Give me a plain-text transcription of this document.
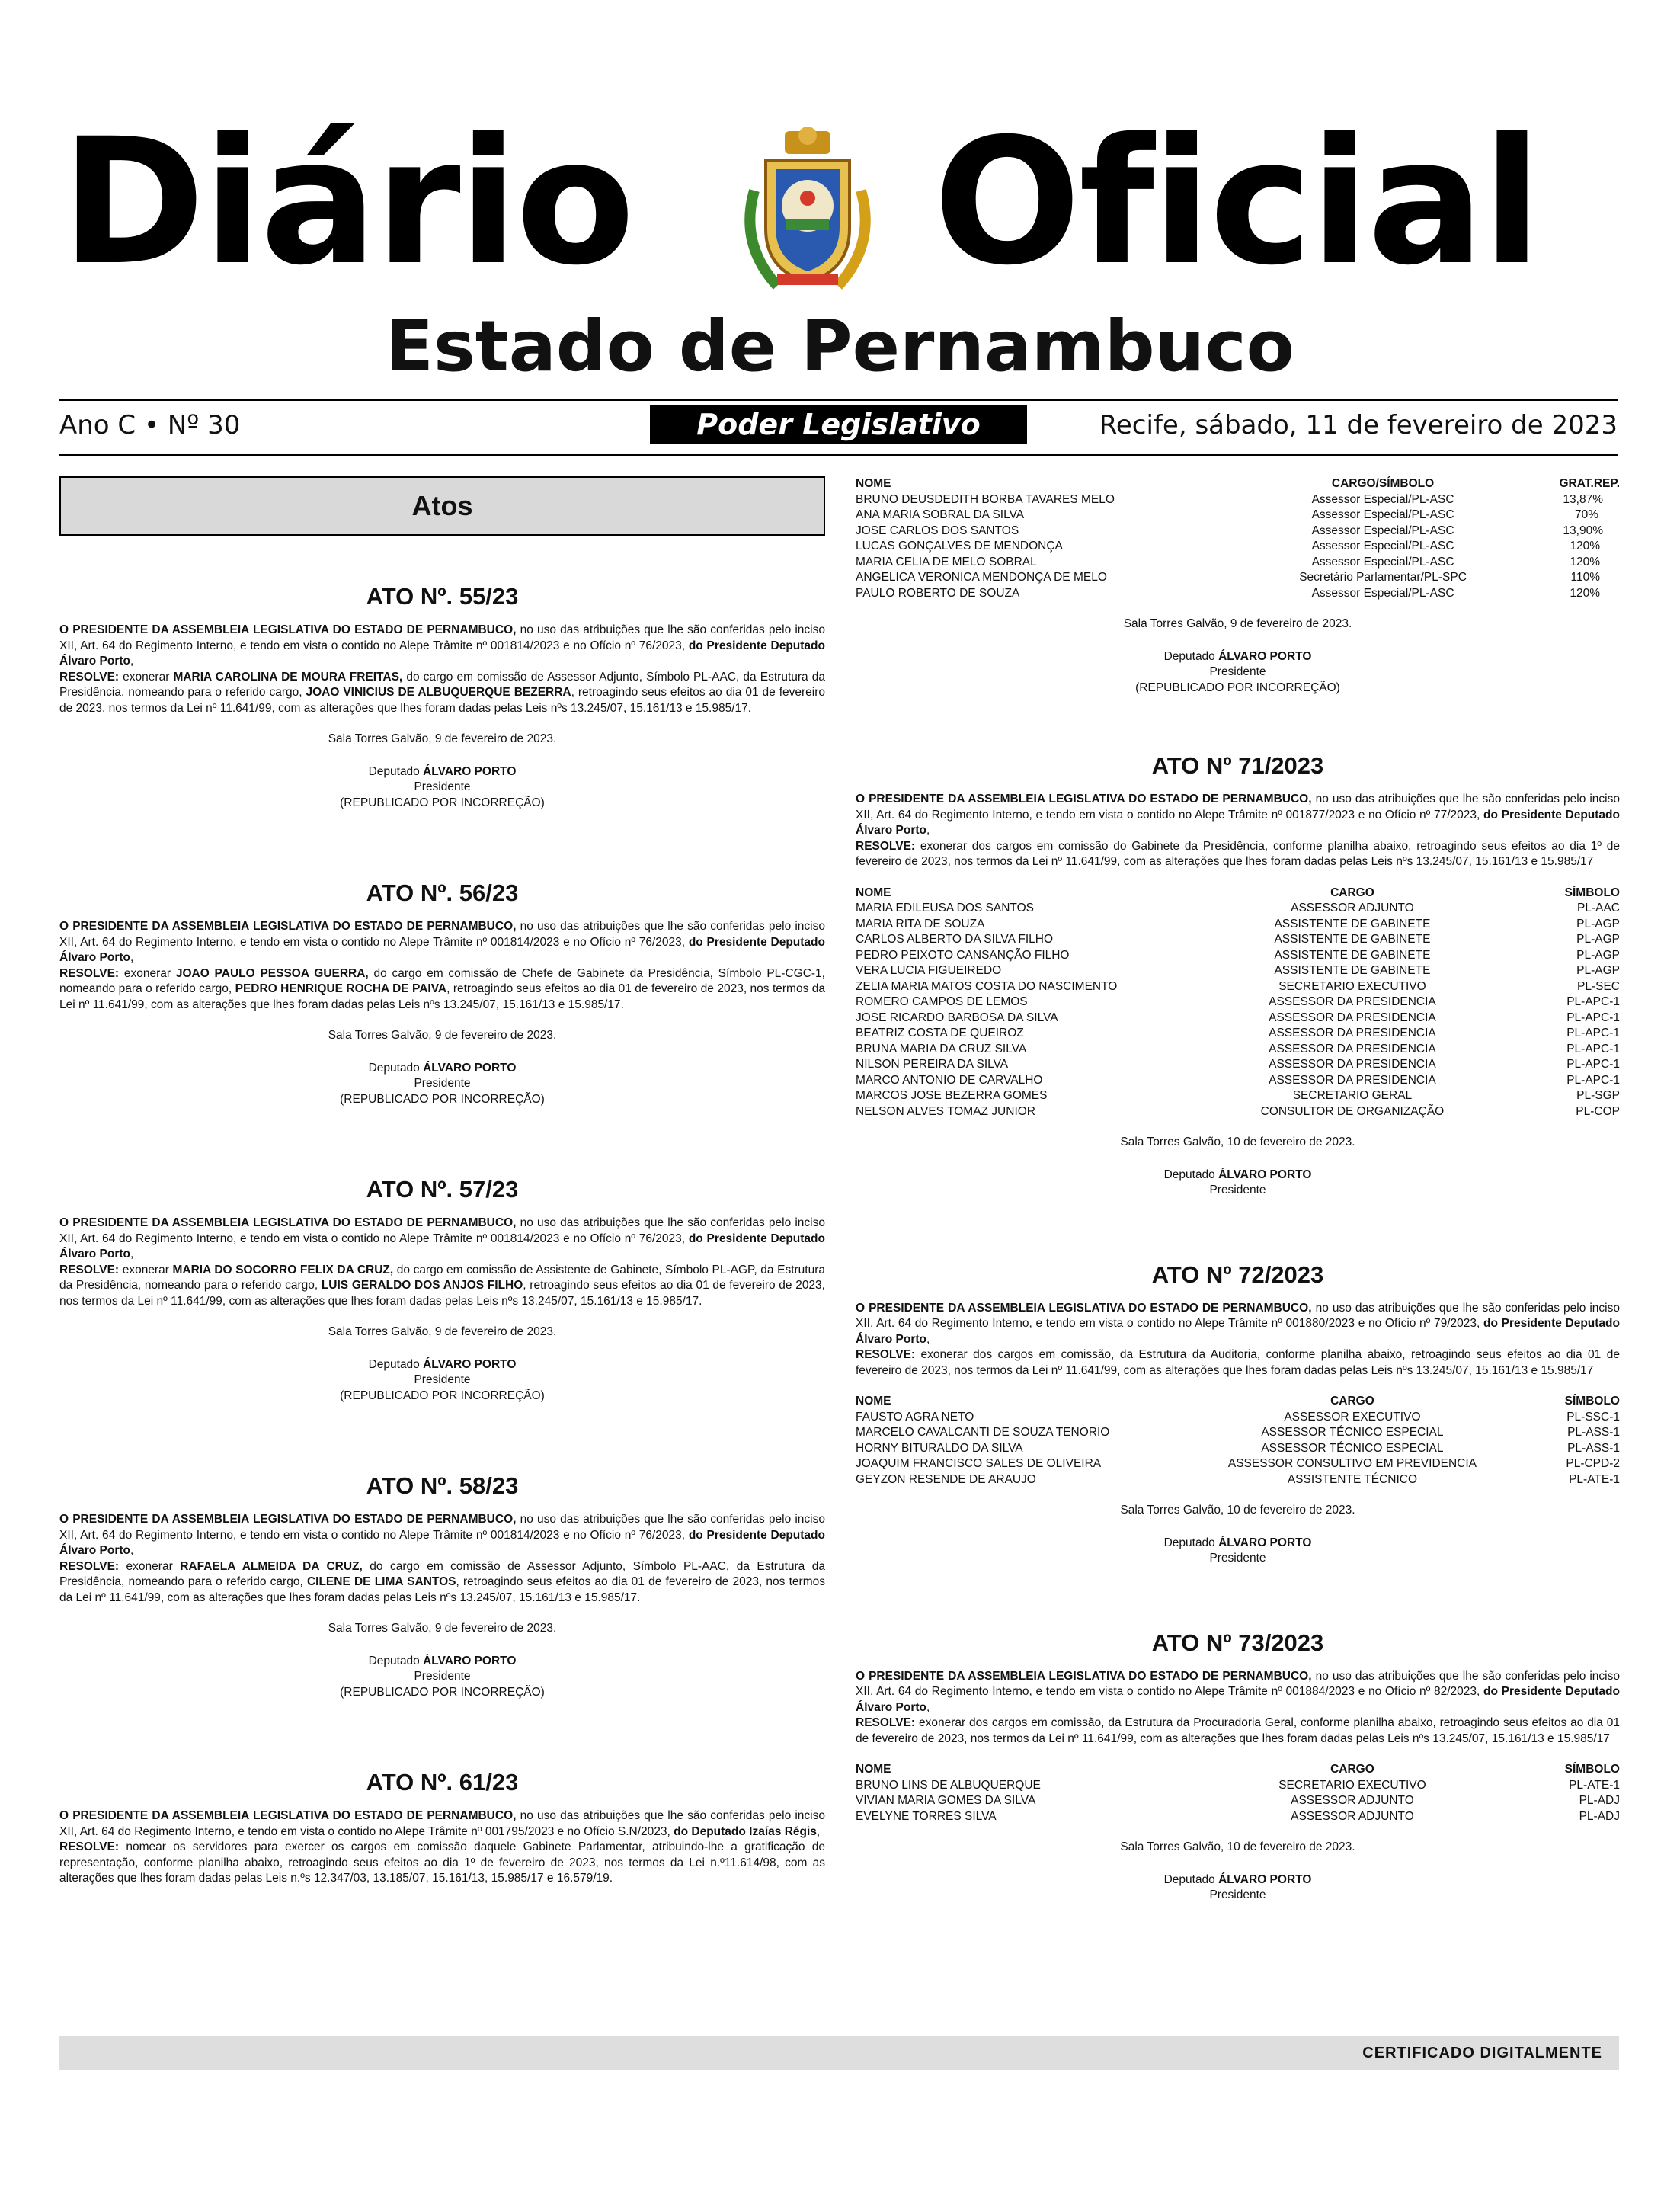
Diário Oficial
Estado de Pernambuco
Ano C • Nº 30	Poder Legislativo	Recife, sábado, 11 de fevereiro de 2023
Atos
ATO Nº. 55/23

O PRESIDENTE DA ASSEMBLEIA LEGISLATIVA DO ESTADO DE PERNAMBUCO, no uso das atribuições que lhe são conferidas pelo inciso XII, Art. 64 do Regimento Interno, e tendo em vista o contido no Alepe Trâmite nº 001814/2023 e no Ofício nº 76/2023, do Presidente Deputado Álvaro Porto,

RESOLVE: exonerar MARIA CAROLINA DE MOURA FREITAS, do cargo em comissão de Assessor Adjunto, Símbolo PL-AAC, da Estrutura da Presidência, nomeando para o referido cargo, JOAO VINICIUS DE ALBUQUERQUE BEZERRA, retroagindo seus efeitos ao dia 01 de fevereiro de 2023, nos termos da Lei nº 11.641/99, com as alterações que lhes foram dadas pelas Leis nºs 13.245/07, 15.161/13 e 15.985/17.

Sala Torres Galvão, 9 de fevereiro de 2023.
Deputado ÁLVARO PORTO
Presidente
(REPUBLICADO POR INCORREÇÃO)
ATO Nº. 56/23

O PRESIDENTE DA ASSEMBLEIA LEGISLATIVA DO ESTADO DE PERNAMBUCO, no uso das atribuições que lhe são conferidas pelo inciso XII, Art. 64 do Regimento Interno, e tendo em vista o contido no Alepe Trâmite nº 001814/2023 e no Ofício nº 76/2023, do Presidente Deputado Álvaro Porto,

RESOLVE: exonerar JOAO PAULO PESSOA GUERRA, do cargo em comissão de Chefe de Gabinete da Presidência, Símbolo PL-CGC-1, nomeando para o referido cargo, PEDRO HENRIQUE ROCHA DE PAIVA, retroagindo seus efeitos ao dia 01 de fevereiro de 2023, nos termos da Lei nº 11.641/99, com as alterações que lhes foram dadas pelas Leis nºs 13.245/07, 15.161/13 e 15.985/17.

Sala Torres Galvão, 9 de fevereiro de 2023.
Deputado ÁLVARO PORTO
Presidente
(REPUBLICADO POR INCORREÇÃO)
ATO Nº. 57/23

O PRESIDENTE DA ASSEMBLEIA LEGISLATIVA DO ESTADO DE PERNAMBUCO, no uso das atribuições que lhe são conferidas pelo inciso XII, Art. 64 do Regimento Interno, e tendo em vista o contido no Alepe Trâmite nº 001814/2023 e no Ofício nº 76/2023, do Presidente Deputado Álvaro Porto,

RESOLVE: exonerar MARIA DO SOCORRO FELIX DA CRUZ, do cargo em comissão de Assistente de Gabinete, Símbolo PL-AGP, da Estrutura da Presidência, nomeando para o referido cargo, LUIS GERALDO DOS ANJOS FILHO, retroagindo seus efeitos ao dia 01 de fevereiro de 2023, nos termos da Lei nº 11.641/99, com as alterações que lhes foram dadas pelas Leis nºs 13.245/07, 15.161/13 e 15.985/17.

Sala Torres Galvão, 9 de fevereiro de 2023.
Deputado ÁLVARO PORTO
Presidente
(REPUBLICADO POR INCORREÇÃO)
ATO Nº. 58/23

O PRESIDENTE DA ASSEMBLEIA LEGISLATIVA DO ESTADO DE PERNAMBUCO, no uso das atribuições que lhe são conferidas pelo inciso XII, Art. 64 do Regimento Interno, e tendo em vista o contido no Alepe Trâmite nº 001814/2023 e no Ofício nº 76/2023, do Presidente Deputado Álvaro Porto,

RESOLVE: exonerar RAFAELA ALMEIDA DA CRUZ, do cargo em comissão de Assessor Adjunto, Símbolo PL-AAC, da Estrutura da Presidência, nomeando para o referido cargo, CILENE DE LIMA SANTOS, retroagindo seus efeitos ao dia 01 de fevereiro de 2023, nos termos da Lei nº 11.641/99, com as alterações que lhes foram dadas pelas Leis nºs 13.245/07, 15.161/13 e 15.985/17.

Sala Torres Galvão, 9 de fevereiro de 2023.
Deputado ÁLVARO PORTO
Presidente
(REPUBLICADO POR INCORREÇÃO)
ATO Nº. 61/23

O PRESIDENTE DA ASSEMBLEIA LEGISLATIVA DO ESTADO DE PERNAMBUCO, no uso das atribuições que lhe são conferidas pelo inciso XII, Art. 64 do Regimento Interno, e tendo em vista o contido no Alepe Trâmite nº 001795/2023 e no Ofício S.N/2023, do Deputado Izaías Régis,

RESOLVE: nomear os servidores para exercer os cargos em comissão daquele Gabinete Parlamentar, atribuindo-lhe a gratificação de representação, conforme planilha abaixo, retroagindo seus efeitos ao dia 1º de fevereiro de 2023, nos termos da Lei n.º11.614/98, com as alterações que lhes foram dadas pelas Leis n.ºs 12.347/03, 13.185/07, 15.161/13, 15.985/17 e 16.579/19.

NOME	CARGO/SÍMBOLO	GRAT.REP.
BRUNO DEUSDEDITH BORBA TAVARES MELO	Assessor Especial/PL-ASC	13,87%
ANA MARIA SOBRAL DA SILVA	Assessor Especial/PL-ASC	70%
JOSE CARLOS DOS SANTOS	Assessor Especial/PL-ASC	13,90%
LUCAS GONÇALVES DE MENDONÇA	Assessor Especial/PL-ASC	120%
MARIA CELIA DE MELO SOBRAL	Assessor Especial/PL-ASC	120%
ANGELICA VERONICA MENDONÇA DE MELO	Secretário Parlamentar/PL-SPC	110%
PAULO ROBERTO DE SOUZA	Assessor Especial/PL-ASC	120%
Sala Torres Galvão, 9 de fevereiro de 2023.
Deputado ÁLVARO PORTO
Presidente
(REPUBLICADO POR INCORREÇÃO)
ATO Nº 71/2023

O PRESIDENTE DA ASSEMBLEIA LEGISLATIVA DO ESTADO DE PERNAMBUCO, no uso das atribuições que lhe são conferidas pelo inciso XII, Art. 64 do Regimento Interno, e tendo em vista o contido no Alepe Trâmite nº 001877/2023 e no Ofício nº 77/2023, do Presidente Deputado Álvaro Porto,

RESOLVE: exonerar dos cargos em comissão do Gabinete da Presidência, conforme planilha abaixo, retroagindo seus efeitos ao dia 1º de fevereiro de 2023, nos termos da Lei nº 11.641/99, com as alterações que lhes foram dadas pelas Leis nºs 13.245/07, 15.161/13 e 15.985/17

NOME	CARGO	SÍMBOLO
MARIA EDILEUSA DOS SANTOS	ASSESSOR ADJUNTO	PL-AAC
MARIA RITA DE SOUZA	ASSISTENTE DE GABINETE	PL-AGP
CARLOS ALBERTO DA SILVA FILHO	ASSISTENTE DE GABINETE	PL-AGP
PEDRO PEIXOTO CANSANÇÃO FILHO	ASSISTENTE DE GABINETE	PL-AGP
VERA LUCIA FIGUEIREDO	ASSISTENTE DE GABINETE	PL-AGP
ZELIA MARIA MATOS COSTA DO NASCIMENTO	SECRETARIO EXECUTIVO	PL-SEC
ROMERO CAMPOS DE LEMOS	ASSESSOR DA PRESIDENCIA	PL-APC-1
JOSE RICARDO BARBOSA DA SILVA	ASSESSOR DA PRESIDENCIA	PL-APC-1
BEATRIZ COSTA DE QUEIROZ	ASSESSOR DA PRESIDENCIA	PL-APC-1
BRUNA MARIA DA CRUZ SILVA	ASSESSOR DA PRESIDENCIA	PL-APC-1
NILSON PEREIRA DA SILVA	ASSESSOR DA PRESIDENCIA	PL-APC-1
MARCO ANTONIO DE CARVALHO	ASSESSOR DA PRESIDENCIA	PL-APC-1
MARCOS JOSE BEZERRA GOMES	SECRETARIO GERAL	PL-SGP
NELSON ALVES TOMAZ JUNIOR	CONSULTOR DE ORGANIZAÇÃO	PL-COP
Sala Torres Galvão, 10 de fevereiro de 2023.
Deputado ÁLVARO PORTO
Presidente
ATO Nº 72/2023

O PRESIDENTE DA ASSEMBLEIA LEGISLATIVA DO ESTADO DE PERNAMBUCO, no uso das atribuições que lhe são conferidas pelo inciso XII, Art. 64 do Regimento Interno, e tendo em vista o contido no Alepe Trâmite nº 001880/2023 e no Ofício nº 79/2023, do Presidente Deputado Álvaro Porto,

RESOLVE: exonerar dos cargos em comissão, da Estrutura da Auditoria, conforme planilha abaixo, retroagindo seus efeitos ao dia 01 de fevereiro de 2023, nos termos da Lei nº 11.641/99, com as alterações que lhes foram dadas pelas Leis nºs 13.245/07, 15.161/13 e 15.985/17

NOME	CARGO	SÍMBOLO
FAUSTO AGRA NETO	ASSESSOR EXECUTIVO	PL-SSC-1
MARCELO CAVALCANTI DE SOUZA TENORIO	ASSESSOR TÉCNICO ESPECIAL	PL-ASS-1
HORNY BITURALDO DA SILVA	ASSESSOR TÉCNICO ESPECIAL	PL-ASS-1
JOAQUIM FRANCISCO SALES DE OLIVEIRA	ASSESSOR CONSULTIVO EM PREVIDENCIA	PL-CPD-2
GEYZON RESENDE DE ARAUJO	ASSISTENTE TÉCNICO	PL-ATE-1
Sala Torres Galvão, 10 de fevereiro de 2023.
Deputado ÁLVARO PORTO
Presidente
ATO Nº 73/2023

O PRESIDENTE DA ASSEMBLEIA LEGISLATIVA DO ESTADO DE PERNAMBUCO, no uso das atribuições que lhe são conferidas pelo inciso XII, Art. 64 do Regimento Interno, e tendo em vista o contido no Alepe Trâmite nº 001884/2023 e no Ofício nº 82/2023, do Presidente Deputado Álvaro Porto,

RESOLVE: exonerar dos cargos em comissão, da Estrutura da Procuradoria Geral, conforme planilha abaixo, retroagindo seus efeitos ao dia 01 de fevereiro de 2023, nos termos da Lei nº 11.641/99, com as alterações que lhes foram dadas pelas Leis nºs 13.245/07, 15.161/13 e 15.985/17

NOME	CARGO	SÍMBOLO
BRUNO LINS DE ALBUQUERQUE	SECRETARIO EXECUTIVO	PL-ATE-1
VIVIAN MARIA GOMES DA SILVA	ASSESSOR ADJUNTO	PL-ADJ
EVELYNE TORRES SILVA	ASSESSOR ADJUNTO	PL-ADJ
Sala Torres Galvão, 10 de fevereiro de 2023.
Deputado ÁLVARO PORTO
Presidente
CERTIFICADO DIGITALMENTE
